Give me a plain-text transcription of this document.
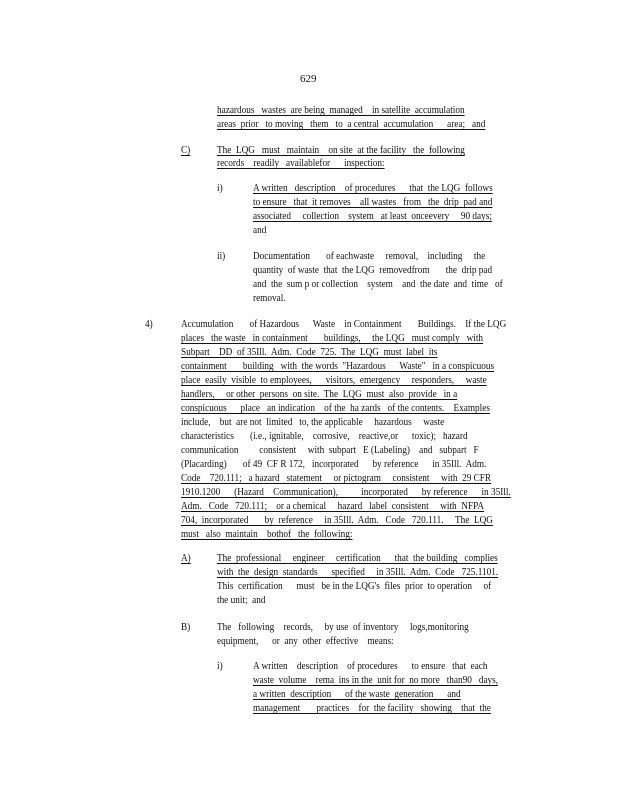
629
hazardous   wastes  are being  managed    in satellite  accumulation
areas  prior   to moving   them   to  a central  accumulation      area;   and
C)	The  LQG   must   maintain    on site  at the facility   the  following
records    readily   availablefor      inspection:
i)	A written   description    of procedures      that  the LQG  follows
to ensure   that  it removes    all wastes   from   the  drip  pad and
associated     collection    system   at least  onceevery     90 days;
and
ii)	Documentation       of eachwaste     removal,    including     the
quantity  of waste  that  the LQG  removedfrom       the  drip pad
and  the  sum p or collection    system    and  the date  and  time   of
removal.
4)	Accumulation       of Hazardous      Waste    in Containment       Buildings.    If the LQG
places   the waste   in containment       buildings,     the LQG   must comply   with
Subpart    DD  of 35Ill.  Adm.  Code  725.  The  LQG  must  label  its
containment       building   with  the words  "Hazardous      Waste"   in a conspicuous
place  easily  visible  to employees,      visitors,  emergency     responders,     waste
handlers,     or other  persons  on site.  The  LQG  must  also  provide   in a
conspicuous      place   an indication    of the  ha zards   of the contents.    Examples
include,    but  are not  limited   to, the applicable     hazardous     waste
characteristics       (i.e., ignitable,    corrosive,    reactive,or      toxic);   hazard
communication         consistent     with  subpart   E (Labeling)    and   subpart   F
(Placarding)       of 49  CF R 172,   incorporated      by reference      in 35Ill.  Adm.
Code    720.111;   a hazard   statement     or pictogram     consistent     with  29 CFR
1910.1200      (Hazard    Communication),          incorporated      by reference      in 35Ill.
Adm.   Code   720.111;    or a chemical     hazard   label  consistent     with  NFPA
704,  incorporated       by  reference     in 35Ill.  Adm.   Code   720.111.     The  LQG
must   also  maintain    bothof   the  following:
A) The  professional     engineer     certification      that  the building   complies
with  the  design  standards      specified     in 35Ill.  Adm.  Code   725.1101.
This  certification      must   be in the LQG's  files  prior  to operation     of
the unit;  and
B)	The   following    records,     by use  of inventory     logs,monitoring
equipment,      or  any  other  effective    means:
i)	A written    description    of procedures      to ensure   that  each
waste  volume    rema  ins in the  unit for  no more   than90   days,
a written  description      of the waste  generation      and
management       practices    for  the facility   showing    that  the
